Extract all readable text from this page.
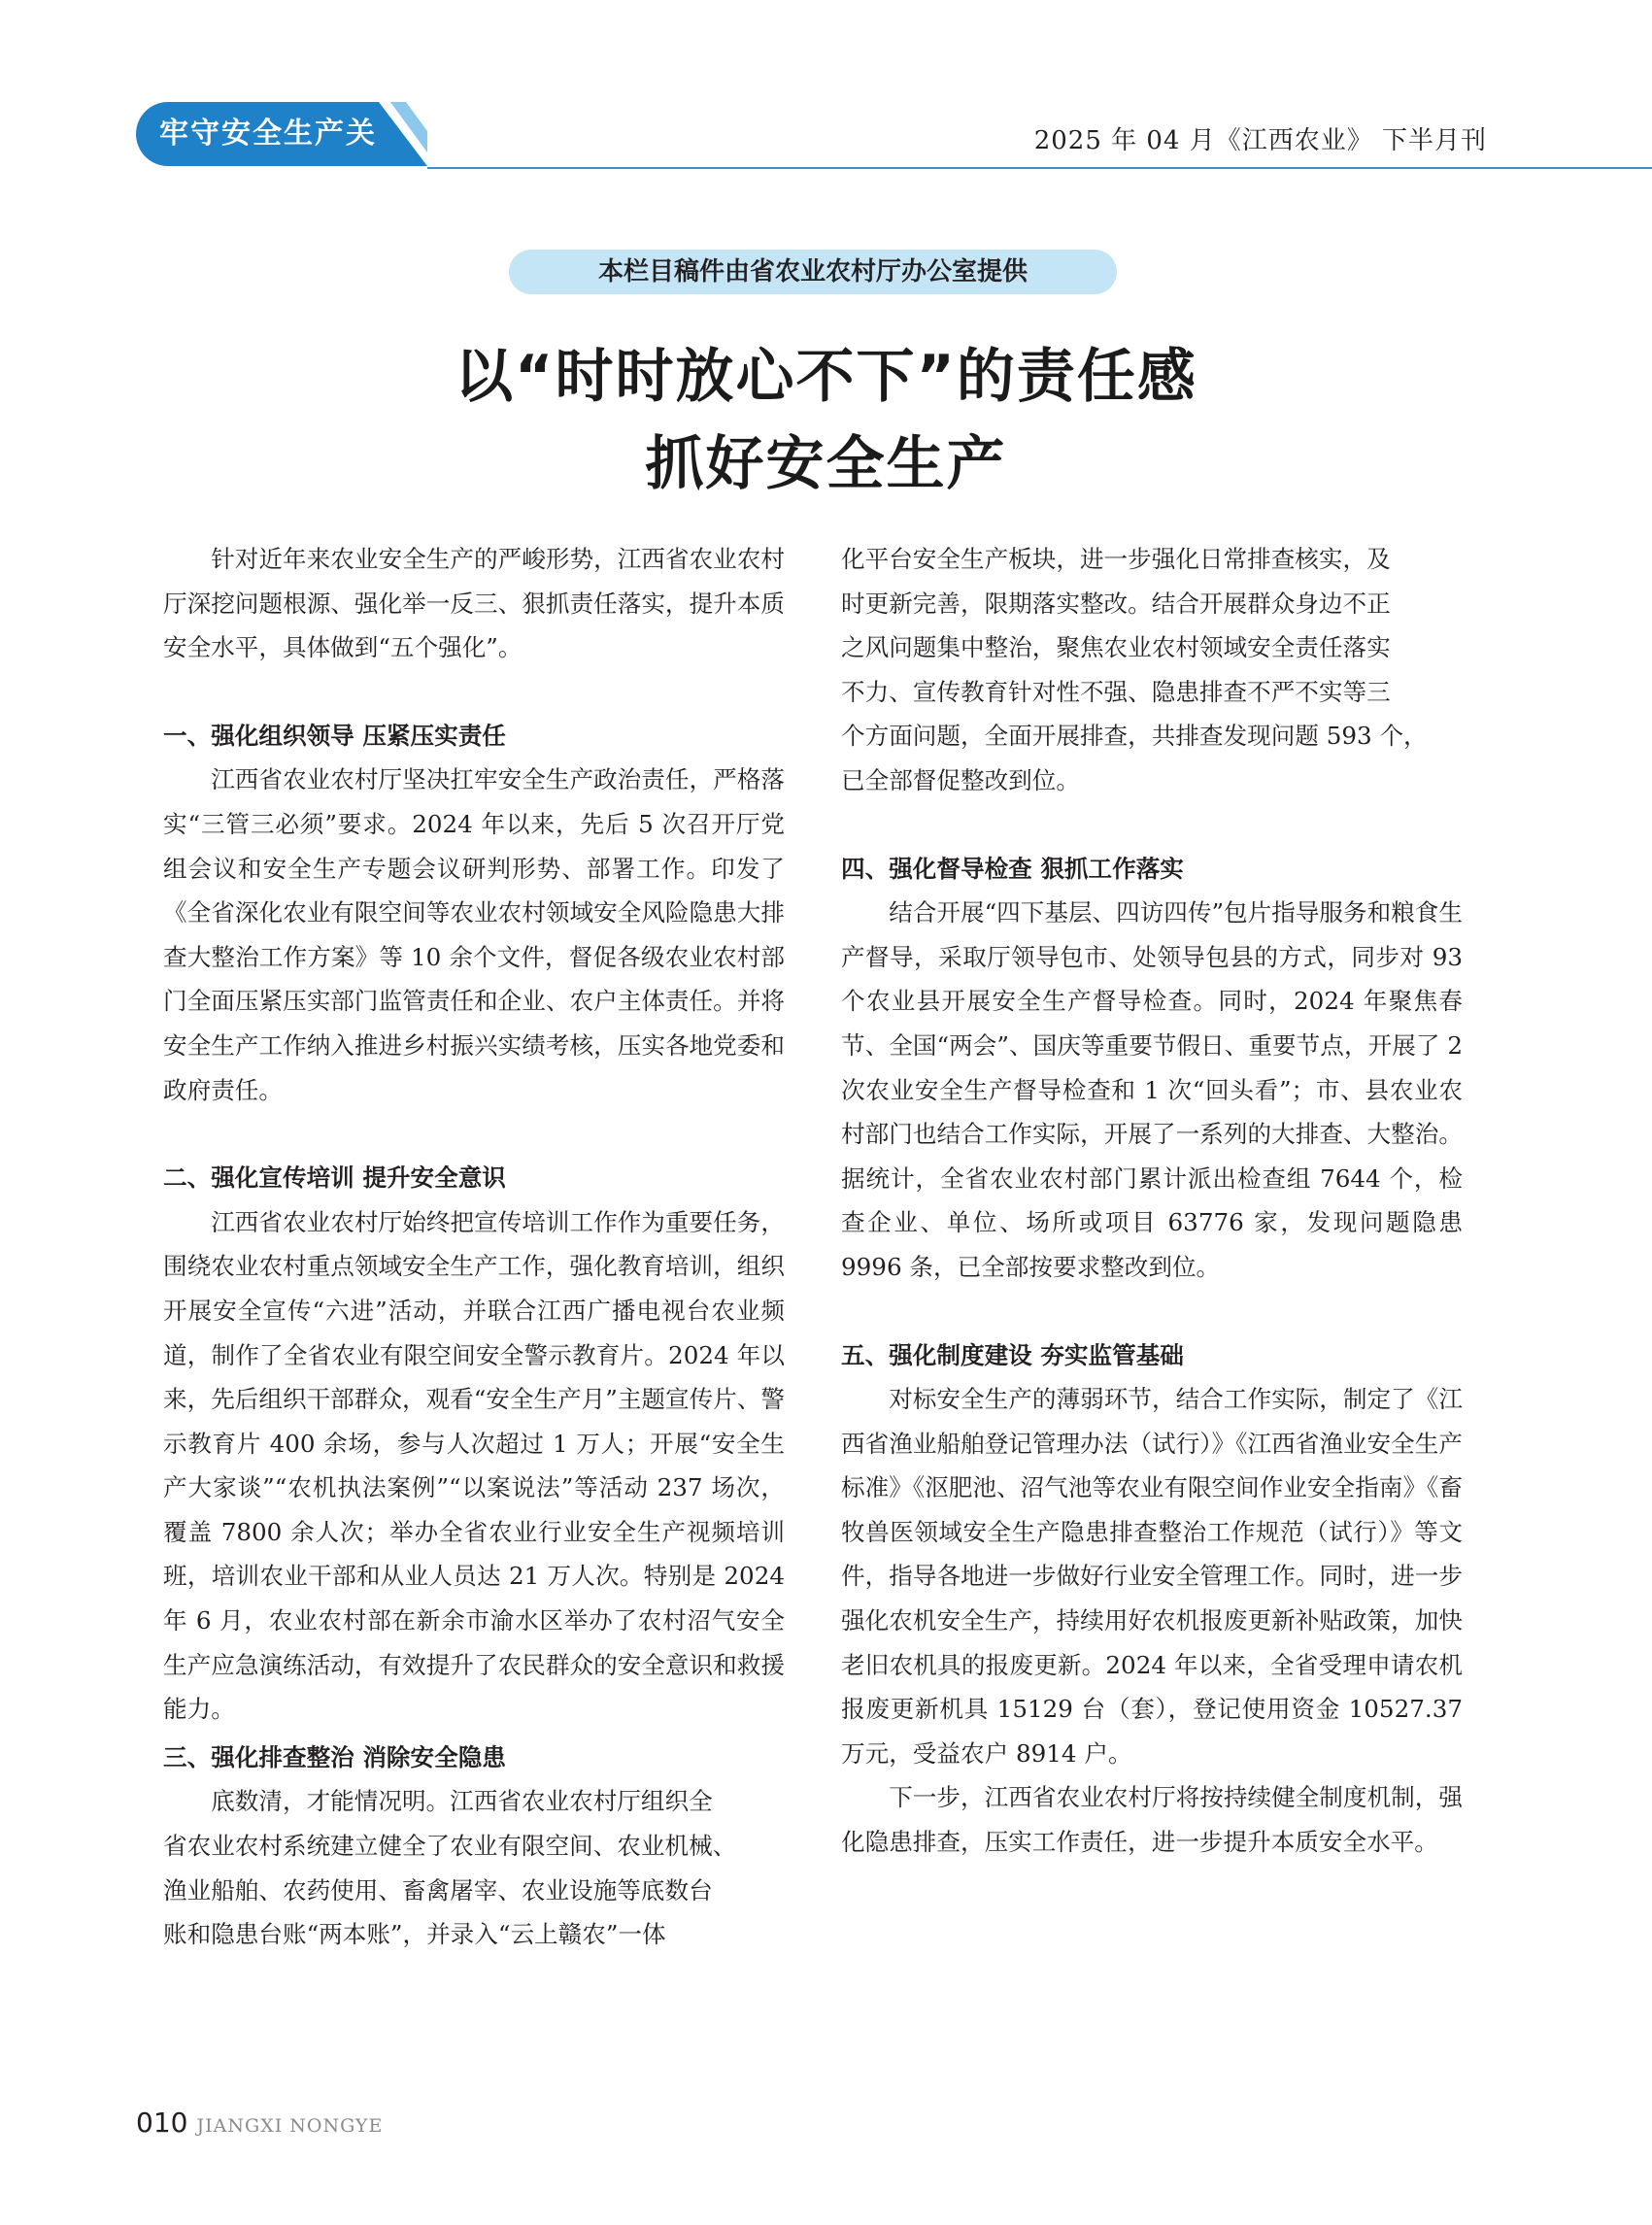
牢守安全生产关	2025 年 04 月《江西农业》 下半月刊
本栏目稿件由省农业农村厅办公室提供
以“时时放心不下”的责任感
抓好安全生产

针对近年来农业安全生产的严峻形势，江西省农业农村厅深挖问题根源、强化举一反三、狠抓责任落实，提升本质安全水平，具体做到“五个强化”。

一、强化组织领导 压紧压实责任

江西省农业农村厅坚决扛牢安全生产政治责任，严格落实“三管三必须”要求。2024 年以来，先后 5 次召开厅党组会议和安全生产专题会议研判形势、部署工作。印发了《全省深化农业有限空间等农业农村领域安全风险隐患大排查大整治工作方案》等 10 余个文件，督促各级农业农村部门全面压紧压实部门监管责任和企业、农户主体责任。并将安全生产工作纳入推进乡村振兴实绩考核，压实各地党委和政府责任。

二、强化宣传培训 提升安全意识

江西省农业农村厅始终把宣传培训工作作为重要任务，围绕农业农村重点领域安全生产工作，强化教育培训，组织开展安全宣传“六进”活动，并联合江西广播电视台农业频道，制作了全省农业有限空间安全警示教育片。2024 年以来，先后组织干部群众，观看“安全生产月”主题宣传片、警示教育片 400 余场，参与人次超过 1 万人；开展“安全生产大家谈”“农机执法案例”“以案说法”等活动 237 场次，覆盖 7800 余人次；举办全省农业行业安全生产视频培训班，培训农业干部和从业人员达 21 万人次。特别是 2024 年 6 月，农业农村部在新余市渝水区举办了农村沼气安全生产应急演练活动，有效提升了农民群众的安全意识和救援能力。

三、强化排查整治 消除安全隐患

底数清，才能情况明。江西省农业农村厅组织全

省农业农村系统建立健全了农业有限空间、农业机械、
渔业船舶、农药使用、畜禽屠宰、农业设施等底数台
账和隐患台账“两本账”，并录入“云上赣农”一体
化平台安全生产板块，进一步强化日常排查核实，及
时更新完善，限期落实整改。结合开展群众身边不正
之风问题集中整治，聚焦农业农村领域安全责任落实
不力、宣传教育针对性不强、隐患排查不严不实等三
个方面问题，全面开展排查，共排查发现问题 593 个，
已全部督促整改到位。
四、强化督导检查 狠抓工作落实

结合开展“四下基层、四访四传”包片指导服务和粮食生产督导，采取厅领导包市、处领导包县的方式，同步对 93 个农业县开展安全生产督导检查。同时，2024 年聚焦春节、全国“两会”、国庆等重要节假日、重要节点，开展了 2 次农业安全生产督导检查和 1 次“回头看”；市、县农业农村部门也结合工作实际，开展了一系列的大排查、大整治。据统计，全省农业农村部门累计派出检查组 7644 个，检查企业、单位、场所或项目 63776 家，发现问题隐患 9996 条，已全部按要求整改到位。

五、强化制度建设 夯实监管基础

对标安全生产的薄弱环节，结合工作实际，制定了《江西省渔业船舶登记管理办法（试行）》《江西省渔业安全生产标准》《沤肥池、沼气池等农业有限空间作业安全指南》《畜牧兽医领域安全生产隐患排查整治工作规范（试行）》等文件，指导各地进一步做好行业安全管理工作。同时，进一步强化农机安全生产，持续用好农机报废更新补贴政策，加快老旧农机具的报废更新。2024 年以来，全省受理申请农机报废更新机具 15129 台（套），登记使用资金 10527.37 万元，受益农户 8914 户。

下一步，江西省农业农村厅将按持续健全制度机制，强化隐患排查，压实工作责任，进一步提升本质安全水平。

010 JIANGXI NONGYE
